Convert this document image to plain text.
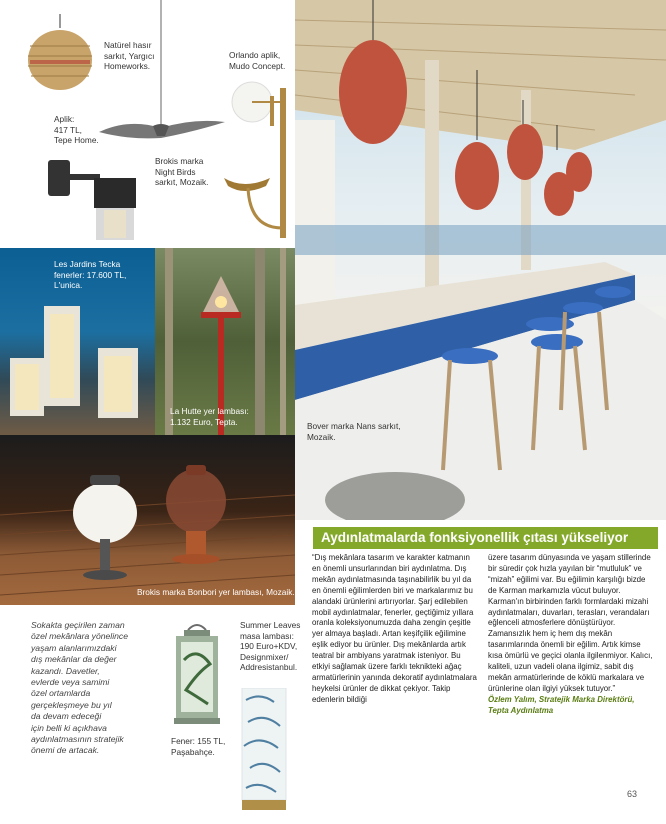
Natürel hasır
sarkıt, Yargıcı
Homeworks.
Brokis marka
Night Birds
sarkıt, Mozaik.
Orlando aplik,
Mudo Concept.
Aplik:
417 TL,
Tepe Home.
Bover marka Nans sarkıt,
Mozaik.
Les Jardins Tecka
fenerler: 17.600 TL,
L'unica.
La Hutte yer lambası:
1.132 Euro, Tepta.
Brokis marka Bonbori yer lambası, Mozaik.
Sokakta geçirilen zaman
özel mekânlara yönelince
yaşam alanlarımızdaki
dış mekânlar da değer
kazandı. Davetler,
evlerde veya samimi
özel ortamlarda
gerçekleşmeye bu yıl
da devam edeceği
için belli ki açıkhava
aydınlatmasının stratejik
önemi de artacak.
Fener: 155 TL,
Paşabahçe.
Summer Leaves
masa lambası:
190 Euro+KDV,
Designmixer/
Addresistanbul.
Aydınlatmalarda fonksiyonellik çıtası yükseliyor

“Dış mekânlara tasarım ve karakter katmanın en önemli unsurlarından biri aydınlatma. Dış mekân aydınlatmasında taşınabilirlik bu yıl da en önemli eğilimlerden biri ve markalarımız bu alandaki ürünlerini artırıyorlar. Şarj edilebilen mobil aydınlatmalar, fenerler, geçtiğimiz yıllara oranla koleksiyonumuzda daha zengin çeşitle yer almaya başladı. Artan keşifçilik eğilimine eşlik ediyor bu ürünler. Dış mekânlarda artık teatral bir ambiyans yaratmak isteniyor. Bu etkiyi sağlamak üzere farklı teknikteki ağaç armatürlerinin yanında dekoratif aydınlatmalara heykelsi ürünler de dikkat çekiyor. Takip edenlerin bildiği

üzere tasarım dünyasında ve yaşam stillerinde bir süredir çok hızla yayılan bir “mutluluk” ve “mizah” eğilimi var. Bu eğilimin karşılığı bizde de Karman markamızla vücut buluyor. Karman'ın birbirinden farklı formlardaki mizahi aydınlatmaları, duvarları, terasları, verandaları eğlenceli atmosferlere dönüştürüyor. Zamansızlık hem iç hem dış mekân tasarımlarında önemli bir eğilim. Artık kimse kısa ömürlü ve geçici olanla ilgilenmiyor. Kalıcı, kaliteli, uzun vadeli olana ilgimiz, sabit dış mekân armatürlerinde de köklü markalara ve ürünlerine olan ilgiyi yüksek tutuyor.”

Özlem Yalım, Stratejik Marka Direktörü, Tepta Aydınlatma

63
